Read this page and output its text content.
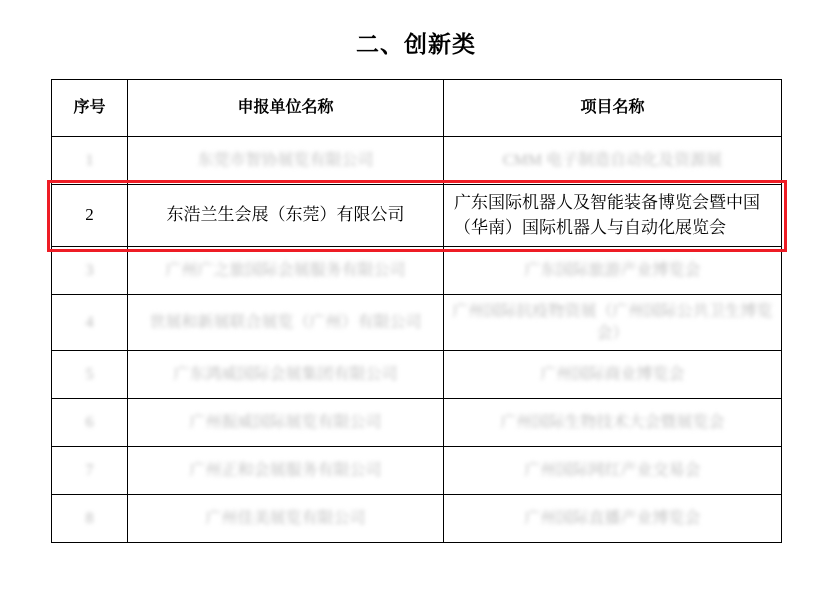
二、创新类
序号	申报单位名称	项目名称
1	东莞市智协展览有限公司	CMM 电子制造自动化及资源展
2	东浩兰生会展（东莞）有限公司	广东国际机器人及智能装备博览会暨中国（华南）国际机器人与自动化展览会
3	广州广之旅国际会展服务有限公司	广东国际旅游产业博览会
4	世展和新展联合展览（广州）有限公司	广州国际抗疫物资展（广州国际公共卫生博览会）
5	广东鸿威国际会展集团有限公司	广州国际商业博览会
6	广州振威国际展览有限公司	广州国际生物技术大会暨展览会
7	广州正和会展服务有限公司	广州国际网红产业交易会
8	广州佳美展览有限公司	广州国际直播产业博览会
